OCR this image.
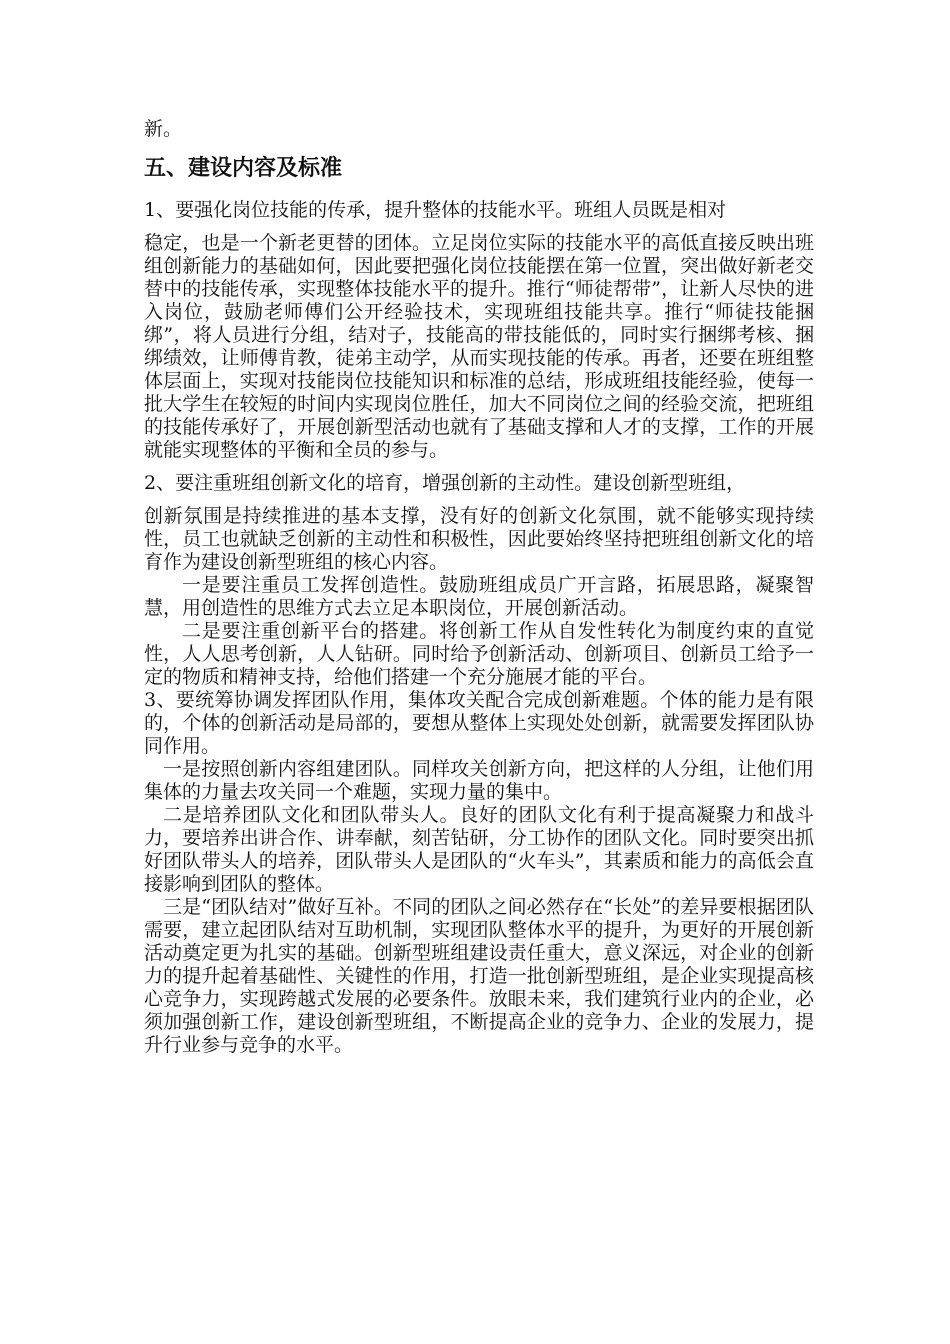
新。

五、建设内容及标准

1、要强化岗位技能的传承，提升整体的技能水平。班组人员既是相对

稳定，也是一个新老更替的团体。立足岗位实际的技能水平的高低直接反映出班组创新能力的基础如何，因此要把强化岗位技能摆在第一位置，突出做好新老交替中的技能传承，实现整体技能水平的提升。推行“师徒帮带”，让新人尽快的进入岗位，鼓励老师傅们公开经验技术，实现班组技能共享。推行“师徒技能捆绑”，将人员进行分组，结对子，技能高的带技能低的，同时实行捆绑考核、捆绑绩效，让师傅肯教，徒弟主动学，从而实现技能的传承。再者，还要在班组整体层面上，实现对技能岗位技能知识和标准的总结，形成班组技能经验，使每一批大学生在较短的时间内实现岗位胜任，加大不同岗位之间的经验交流，把班组的技能传承好了，开展创新型活动也就有了基础支撑和人才的支撑，工作的开展就能实现整体的平衡和全员的参与。

2、要注重班组创新文化的培育，增强创新的主动性。建设创新型班组，

创新氛围是持续推进的基本支撑，没有好的创新文化氛围，就不能够实现持续性，员工也就缺乏创新的主动性和积极性，因此要始终坚持把班组创新文化的培育作为建设创新型班组的核心内容。

一是要注重员工发挥创造性。鼓励班组成员广开言路，拓展思路，凝聚智慧，用创造性的思维方式去立足本职岗位，开展创新活动。

二是要注重创新平台的搭建。将创新工作从自发性转化为制度约束的直觉性，人人思考创新，人人钻研。同时给予创新活动、创新项目、创新员工给予一定的物质和精神支持，给他们搭建一个充分施展才能的平台。

3、要统筹协调发挥团队作用，集体攻关配合完成创新难题。个体的能力是有限的，个体的创新活动是局部的，要想从整体上实现处处创新，就需要发挥团队协同作用。

一是按照创新内容组建团队。同样攻关创新方向，把这样的人分组，让他们用集体的力量去攻关同一个难题，实现力量的集中。

二是培养团队文化和团队带头人。良好的团队文化有利于提高凝聚力和战斗力，要培养出讲合作、讲奉献，刻苦钻研，分工协作的团队文化。同时要突出抓好团队带头人的培养，团队带头人是团队的“火车头”，其素质和能力的高低会直接影响到团队的整体。

三是“团队结对”做好互补。不同的团队之间必然存在“长处”的差异要根据团队需要，建立起团队结对互助机制，实现团队整体水平的提升，为更好的开展创新活动奠定更为扎实的基础。创新型班组建设责任重大，意义深远，对企业的创新力的提升起着基础性、关键性的作用，打造一批创新型班组，是企业实现提高核心竞争力，实现跨越式发展的必要条件。放眼未来，我们建筑行业内的企业，必须加强创新工作，建设创新型班组，不断提高企业的竞争力、企业的发展力，提升行业参与竞争的水平。
